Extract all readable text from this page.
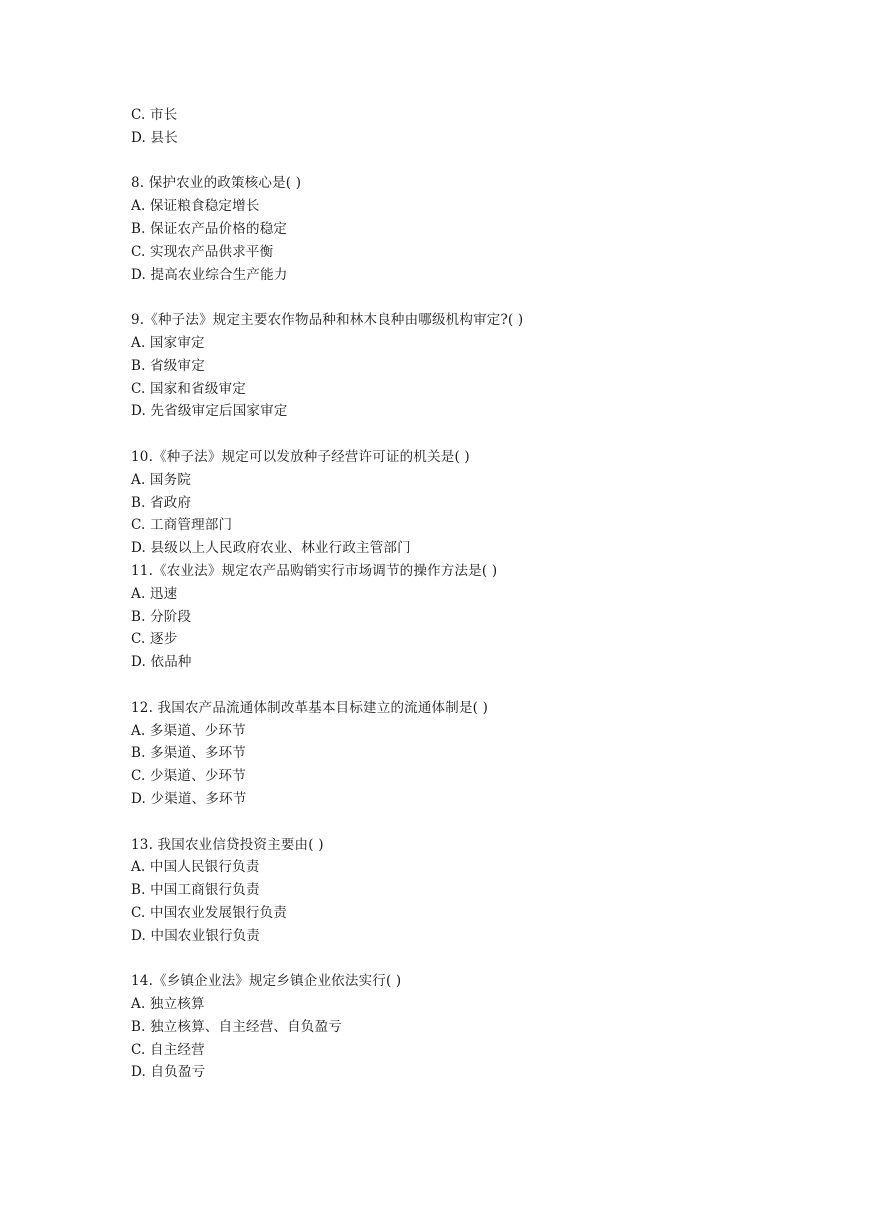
C. 市长
D. 县长
8. 保护农业的政策核心是( )
A. 保证粮食稳定增长
B. 保证农产品价格的稳定
C. 实现农产品供求平衡
D. 提高农业综合生产能力
9.《种子法》规定主要农作物品种和林木良种由哪级机构审定?( )
A. 国家审定
B. 省级审定
C. 国家和省级审定
D. 先省级审定后国家审定
10.《种子法》规定可以发放种子经营许可证的机关是( )
A. 国务院
B. 省政府
C. 工商管理部门
D. 县级以上人民政府农业、林业行政主管部门
11.《农业法》规定农产品购销实行市场调节的操作方法是( )
A. 迅速
B. 分阶段
C. 逐步
D. 依品种
12. 我国农产品流通体制改革基本目标建立的流通体制是( )
A. 多渠道、少环节
B. 多渠道、多环节
C. 少渠道、少环节
D. 少渠道、多环节
13. 我国农业信贷投资主要由( )
A. 中国人民银行负责
B. 中国工商银行负责
C. 中国农业发展银行负责
D. 中国农业银行负责
14.《乡镇企业法》规定乡镇企业依法实行( )
A. 独立核算
B. 独立核算、自主经营、自负盈亏
C. 自主经营
D. 自负盈亏
